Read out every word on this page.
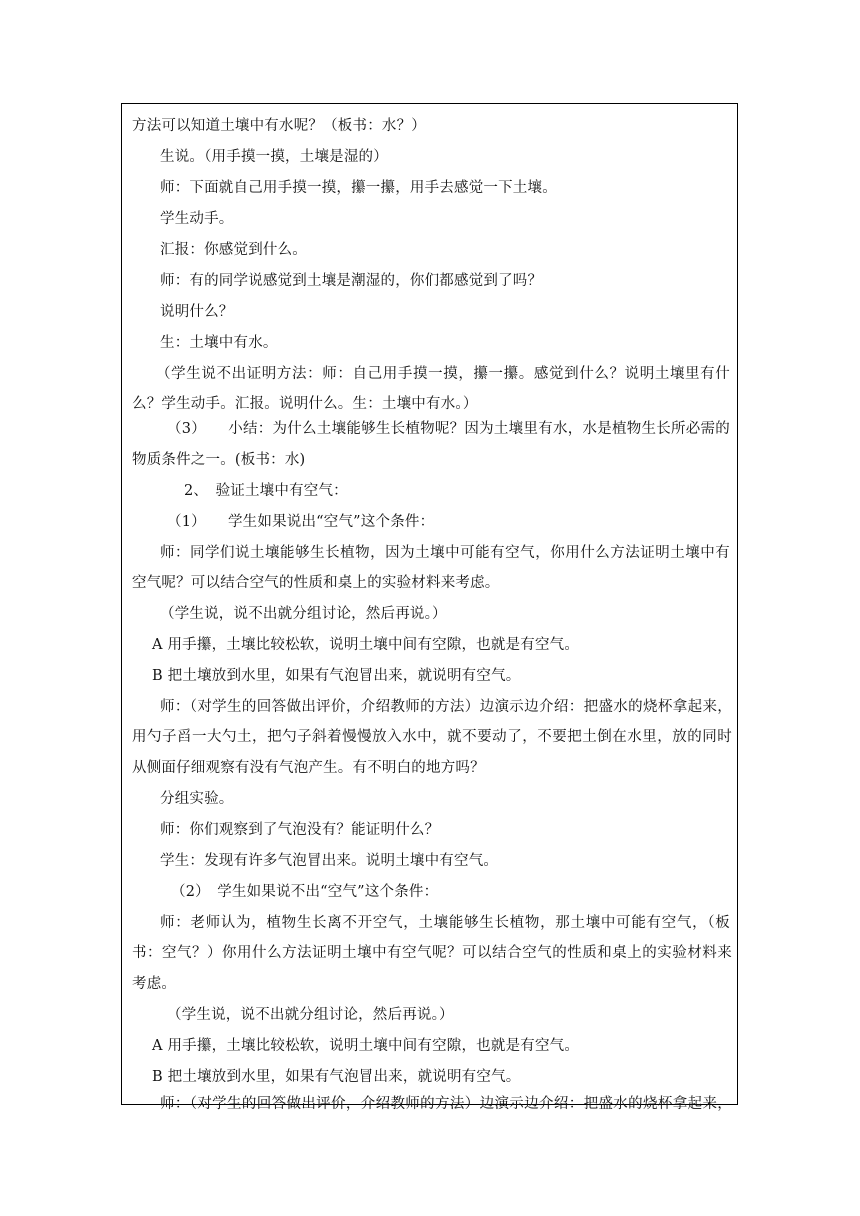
方法可以知道土壤中有水呢？（板书：水？）
生说。（用手摸一摸，土壤是湿的）
师：下面就自己用手摸一摸，攥一攥，用手去感觉一下土壤。
学生动手。
汇报：你感觉到什么。
师：有的同学说感觉到土壤是潮湿的，你们都感觉到了吗？
说明什么？
生：土壤中有水。
（学生说不出证明方法：师：自己用手摸一摸，攥一攥。感觉到什么？说明土壤里有什
么？学生动手。汇报。说明什么。生：土壤中有水。）
（3）　　小结：为什么土壤能够生长植物呢？因为土壤里有水，水是植物生长所必需的
物质条件之一。(板书：水)
2、　验证土壤中有空气：
（1）　　学生如果说出“空气”这个条件：
师：同学们说土壤能够生长植物，因为土壤中可能有空气，你用什么方法证明土壤中有
空气呢？可以结合空气的性质和桌上的实验材料来考虑。
（学生说，说不出就分组讨论，然后再说。）
A 用手攥，土壤比较松软，说明土壤中间有空隙，也就是有空气。
B 把土壤放到水里，如果有气泡冒出来，就说明有空气。
师：（对学生的回答做出评价，介绍教师的方法）边演示边介绍：把盛水的烧杯拿起来，
用勺子舀一大勺土，把勺子斜着慢慢放入水中，就不要动了，不要把土倒在水里，放的同时
从侧面仔细观察有没有气泡产生。有不明白的地方吗？
分组实验。
师：你们观察到了气泡没有？能证明什么？
学生：发现有许多气泡冒出来。说明土壤中有空气。
（2）　学生如果说不出“空气”这个条件：
师：老师认为，植物生长离不开空气，土壤能够生长植物，那土壤中可能有空气，（板
书：空气？）你用什么方法证明土壤中有空气呢？可以结合空气的性质和桌上的实验材料来
考虑。
（学生说，说不出就分组讨论，然后再说。）
A 用手攥，土壤比较松软，说明土壤中间有空隙，也就是有空气。
B 把土壤放到水里，如果有气泡冒出来，就说明有空气。
师：（对学生的回答做出评价，介绍教师的方法）边演示边介绍：把盛水的烧杯拿起来，
